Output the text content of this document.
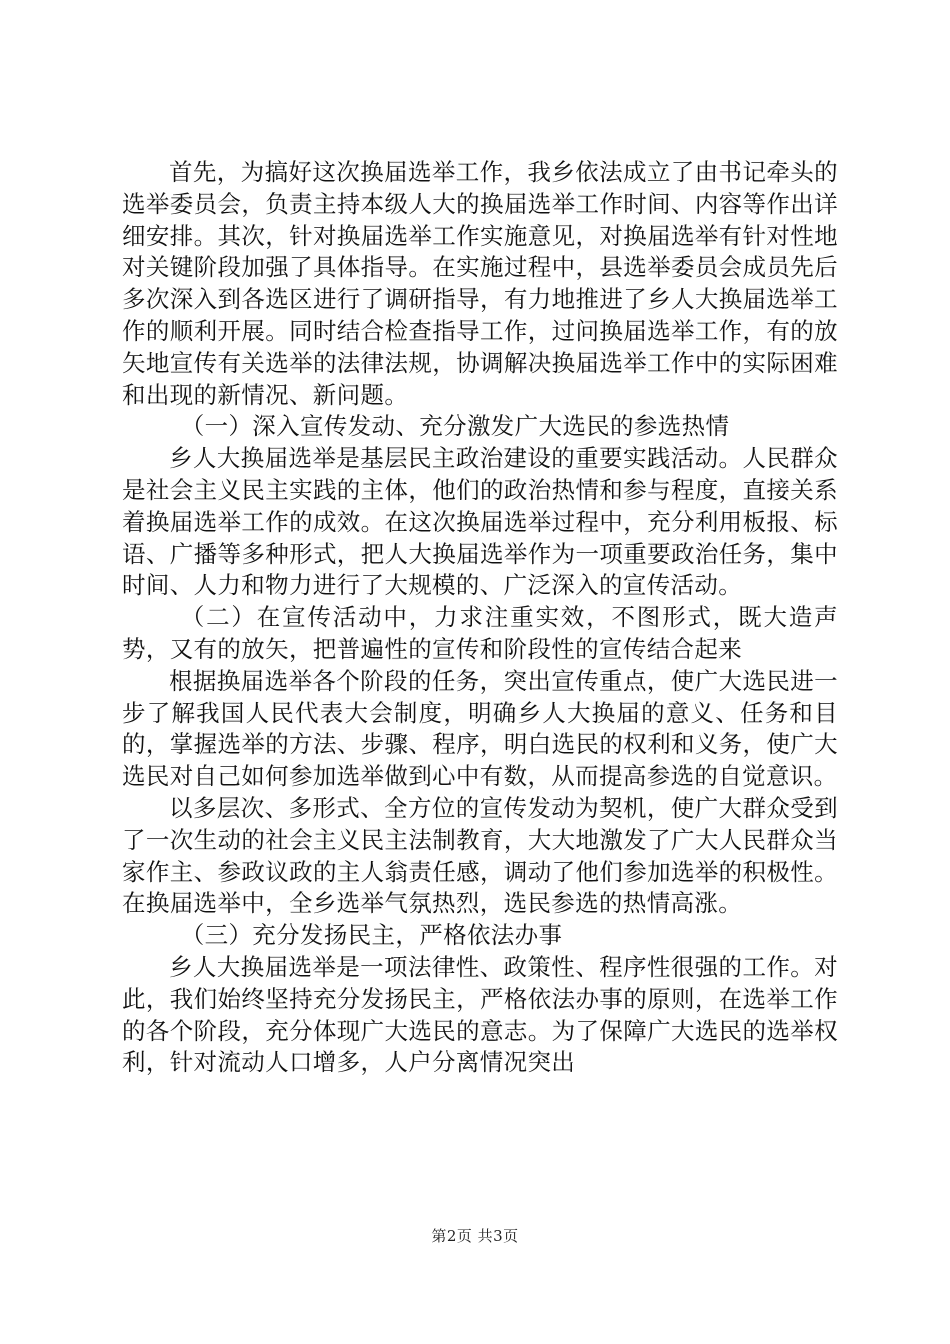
首先，为搞好这次换届选举工作，我乡依法成立了由书记牵头的选举委员会，负责主持本级人大的换届选举工作时间、内容等作出详细安排。其次，针对换届选举工作实施意见，对换届选举有针对性地对关键阶段加强了具体指导。在实施过程中，县选举委员会成员先后多次深入到各选区进行了调研指导，有力地推进了乡人大换届选举工作的顺利开展。同时结合检查指导工作，过问换届选举工作，有的放矢地宣传有关选举的法律法规，协调解决换届选举工作中的实际困难和出现的新情况、新问题。

（一）深入宣传发动、充分激发广大选民的参选热情

乡人大换届选举是基层民主政治建设的重要实践活动。人民群众是社会主义民主实践的主体，他们的政治热情和参与程度，直接关系着换届选举工作的成效。在这次换届选举过程中，充分利用板报、标语、广播等多种形式，把人大换届选举作为一项重要政治任务，集中时间、人力和物力进行了大规模的、广泛深入的宣传活动。

（二）在宣传活动中，力求注重实效，不图形式，既大造声势，又有的放矢，把普遍性的宣传和阶段性的宣传结合起来

根据换届选举各个阶段的任务，突出宣传重点，使广大选民进一步了解我国人民代表大会制度，明确乡人大换届的意义、任务和目的，掌握选举的方法、步骤、程序，明白选民的权利和义务，使广大选民对自己如何参加选举做到心中有数，从而提高参选的自觉意识。

以多层次、多形式、全方位的宣传发动为契机，使广大群众受到了一次生动的社会主义民主法制教育，大大地激发了广大人民群众当家作主、参政议政的主人翁责任感，调动了他们参加选举的积极性。在换届选举中，全乡选举气氛热烈，选民参选的热情高涨。

（三）充分发扬民主，严格依法办事

乡人大换届选举是一项法律性、政策性、程序性很强的工作。对此，我们始终坚持充分发扬民主，严格依法办事的原则，在选举工作的各个阶段，充分体现广大选民的意志。为了保障广大选民的选举权利，针对流动人口增多，人户分离情况突出

第2页 共3页
